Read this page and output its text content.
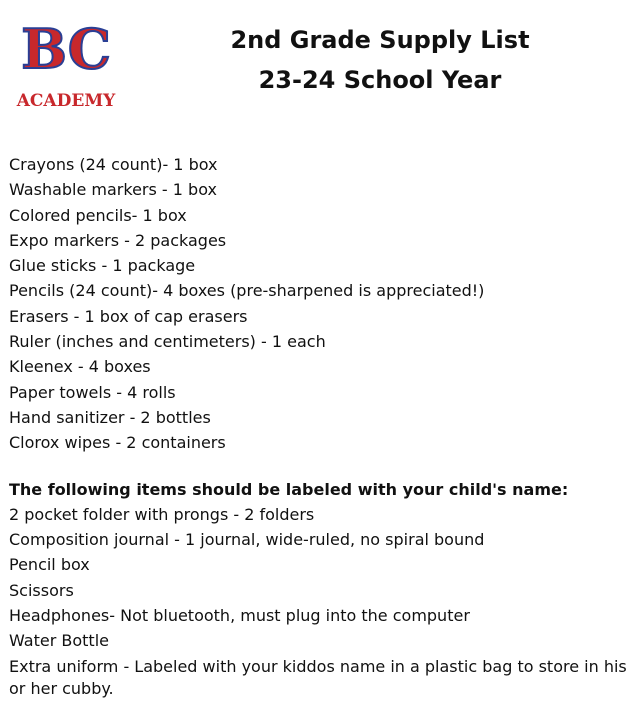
BC
ACADEMY
2nd Grade Supply List
23-24 School Year
Crayons (24 count)- 1 box
Washable markers - 1 box
Colored pencils- 1 box
Expo markers - 2 packages
Glue sticks - 1 package
Pencils (24 count)- 4 boxes (pre-sharpened is appreciated!)
Erasers - 1 box of cap erasers
Ruler (inches and centimeters) - 1 each
Kleenex - 4 boxes
Paper towels - 4 rolls
Hand sanitizer - 2 bottles
Clorox wipes - 2 containers
The following items should be labeled with your child's name:
2 pocket folder with prongs - 2 folders
Composition journal - 1 journal, wide-ruled, no spiral bound
Pencil box
Scissors
Headphones- Not bluetooth, must plug into the computer
Water Bottle
Extra uniform - Labeled with your kiddos name in a plastic bag to store in his or her cubby.
